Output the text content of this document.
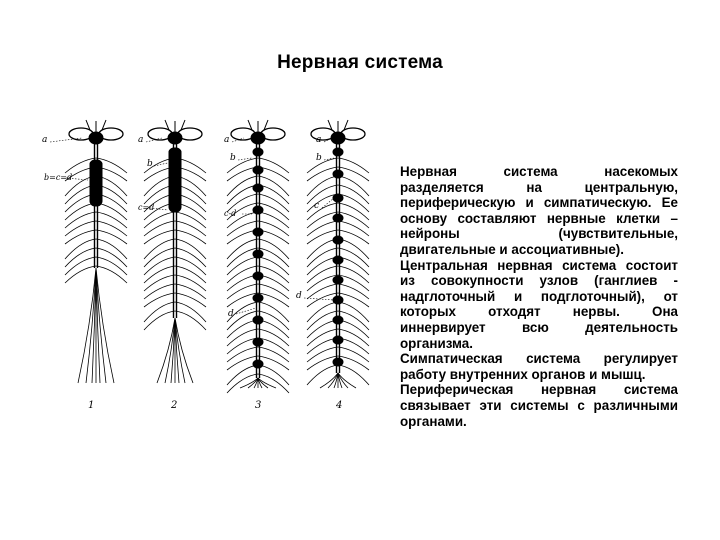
Нервная система
a
b=c=d
a
b
c=d
a
b
c-d
d
a
b
c
d
1	2	3	4

Нервная система насекомых разделяется на центральную, периферическую и симпатическую. Ее основу составляют нервные клетки – нейроны (чувствительные, двигательные и ассоциативные).

Центральная нервная система состоит из совокупности узлов (ганглиев - надглоточный и подглоточный), от которых отходят нервы. Она иннервирует всю деятельность организма.

Симпатическая система регулирует работу внутренних органов и мышц.

Периферическая нервная система связывает эти системы с различными органами.
